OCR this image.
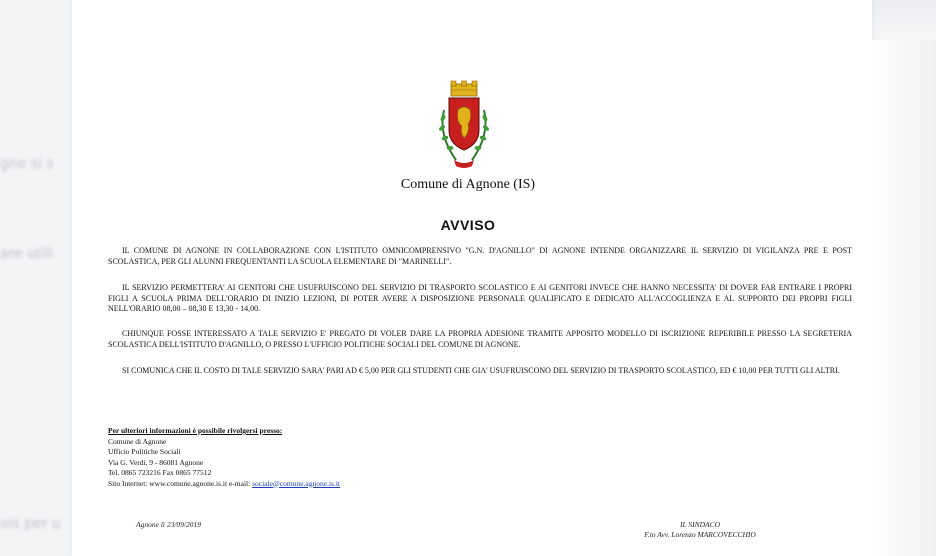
gne si s
are utili
ois per u
Comune di Agnone (IS)
AVVISO
IL COMUNE DI AGNONE IN COLLABORAZIONE CON L'ISTITUTO OMNICOMPRENSIVO "G.N. D'AGNILLO" DI AGNONE INTENDE ORGANIZZARE IL SERVIZIO DI VIGILANZA PRE E POST SCOLASTICA, PER GLI ALUNNI FREQUENTANTI LA SCUOLA ELEMENTARE DI "MARINELLI".
IL SERVIZIO PERMETTERA' AI GENITORI CHE USUFRUISCONO DEL SERVIZIO DI TRASPORTO SCOLASTICO E AI GENITORI INVECE CHE HANNO NECESSITA' DI DOVER FAR ENTRARE I PROPRI FIGLI A SCUOLA PRIMA DELL'ORARIO DI INIZIO LEZIONI, DI POTER AVERE A DISPOSIZIONE PERSONALE QUALIFICATO E DEDICATO ALL'ACCOGLIENZA E AL SUPPORTO DEI PROPRI FIGLI NELL'ORARIO 08,00 – 08,30 E 13,30 - 14,00.
CHIUNQUE FOSSE INTERESSATO A TALE SERVIZIO E' PREGATO DI VOLER DARE LA PROPRIA ADESIONE TRAMITE APPOSITO MODELLO DI ISCRIZIONE REPERIBILE PRESSO LA SEGRETERIA SCOLASTICA DELL'ISTITUTO D'AGNILLO, O PRESSO L'UFFICIO POLITICHE SOCIALI DEL COMUNE DI AGNONE.
SI COMUNICA CHE IL COSTO DI TALE SERVIZIO SARA' PARI AD € 5,00 PER GLI STUDENTI CHE GIA' USUFRUISCONO DEL SERVIZIO DI TRASPORTO SCOLASTICO, ED € 10,00 PER TUTTI GLI ALTRI.
Per ulteriori informazioni è possibile rivolgersi presso:
Comune di Agnone
Ufficio Politiche Sociali
Via G. Verdi, 9 - 86081 Agnone
Tel. 0865 723216 Fax 0865 77512
Sito Internet: www.comune.agnone.is.it e-mail: sociale@comune.agnone.is.it
Agnone lì 23/09/2019	IL SINDACO
F.to Avv. Lorenzo MARCOVECCHIO
